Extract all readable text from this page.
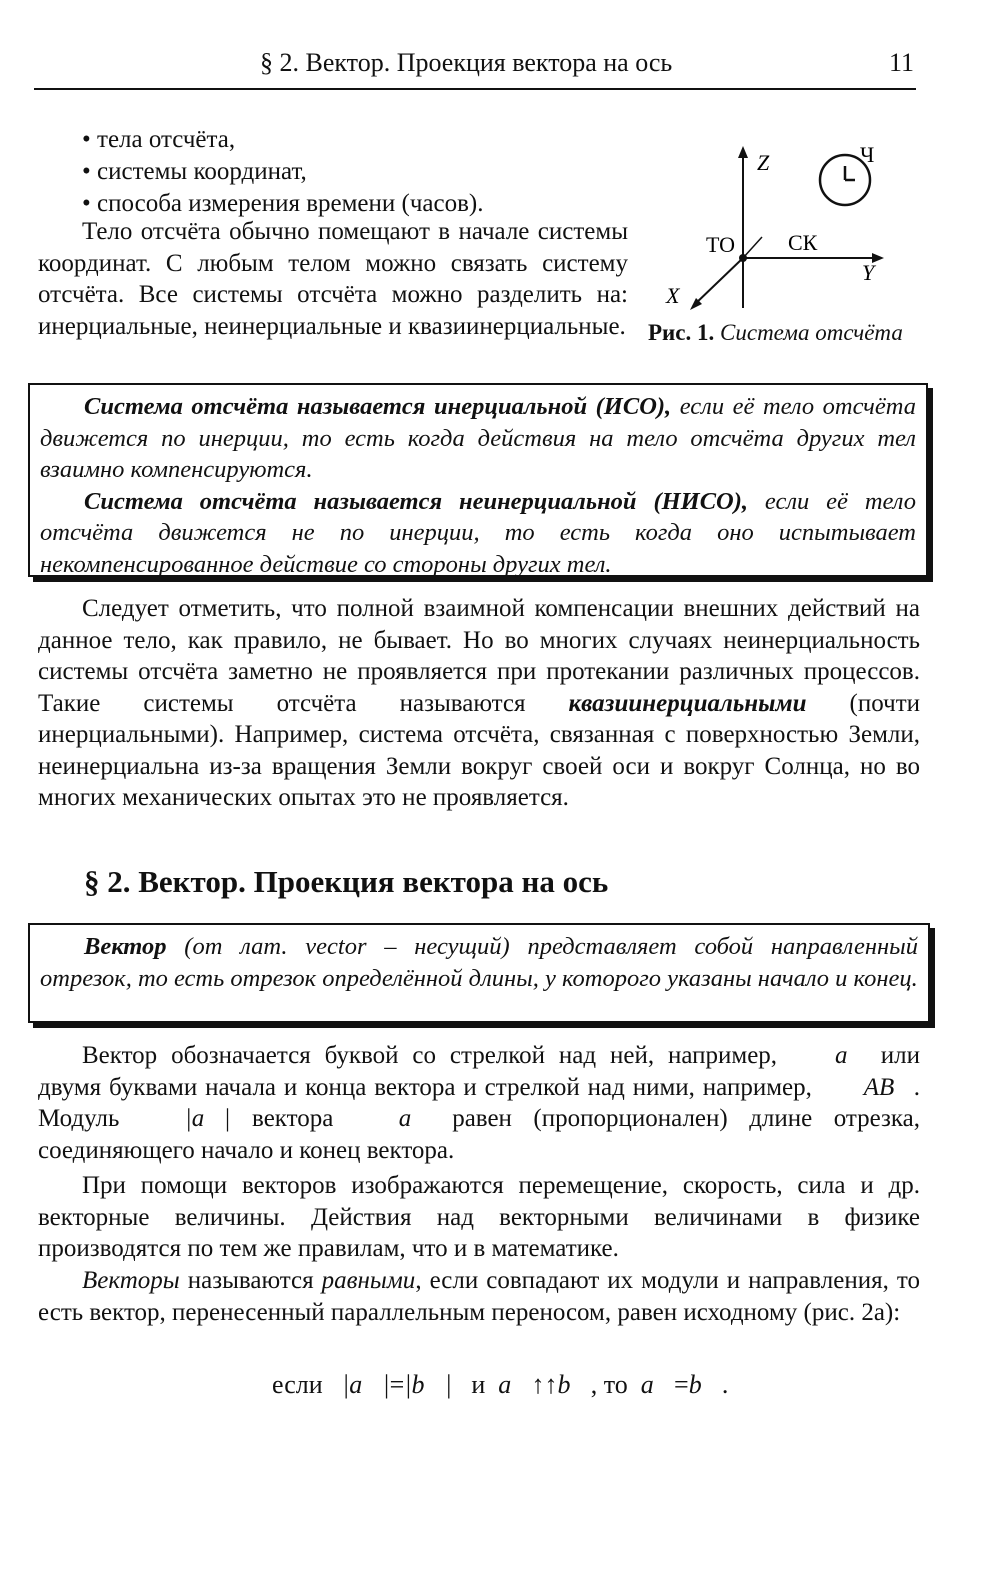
§ 2. Вектор. Проекция вектора на ось	11
• тела отсчёта,
• системы координат,
• способа измерения времени (часов).

Тело отсчёта обычно помещают в начале системы координат. С любым телом можно связать систему отсчёта. Все системы отсчёта можно разделить на: инерциальные, неинерциальные и квазиинерциальные.

Z	Ч
ТО СК
Y
X
Рис. 1. Система отсчёта

Система отсчёта называется инерциальной (ИСО), если её тело отсчёта движется по инерции, то есть когда действия на тело отсчёта других тел взаимно компенсируются.

Система отсчёта называется неинерциальной (НИСО), если её тело отсчёта движется не по инерции, то есть когда оно испытывает некомпенсированное действие со стороны других тел.

Следует отметить, что полной взаимной компенсации внешних действий на данное тело, как правило, не бывает. Но во многих случаях неинерциальность системы отсчёта заметно не проявляется при протекании различных процессов. Такие системы отсчёта называются квазиинерциальными (почти инерциальными). Например, система отсчёта, связанная с поверхностью Земли, неинерциальна из-за вращения Земли вокруг своей оси и вокруг Солнца, но во многих механических опытах это не проявляется.

§ 2. Вектор. Проекция вектора на ось

Вектор (от лат. vector – несущий) представляет собой направленный отрезок, то есть отрезок определённой длины, у которого указаны начало и конец.

Вектор обозначается буквой со стрелкой над ней, например, a⃗ или двумя буквами начала и конца вектора и стрелкой над ними, например, AB⃗. Модуль |a⃗| вектора a⃗ равен (пропорционален) длине отрезка, соединяющего начало и конец вектора.

При помощи векторов изображаются перемещение, скорость, сила и др. векторные величины. Действия над векторными величинами в физике производятся по тем же правилам, что и в математике.

Векторы называются равными, если совпадают их модули и направления, то есть вектор, перенесенный параллельным переносом, равен исходному (рис. 2а):

если |a⃗|=|b⃗| и a⃗↑↑b⃗, то a⃗=b⃗.
